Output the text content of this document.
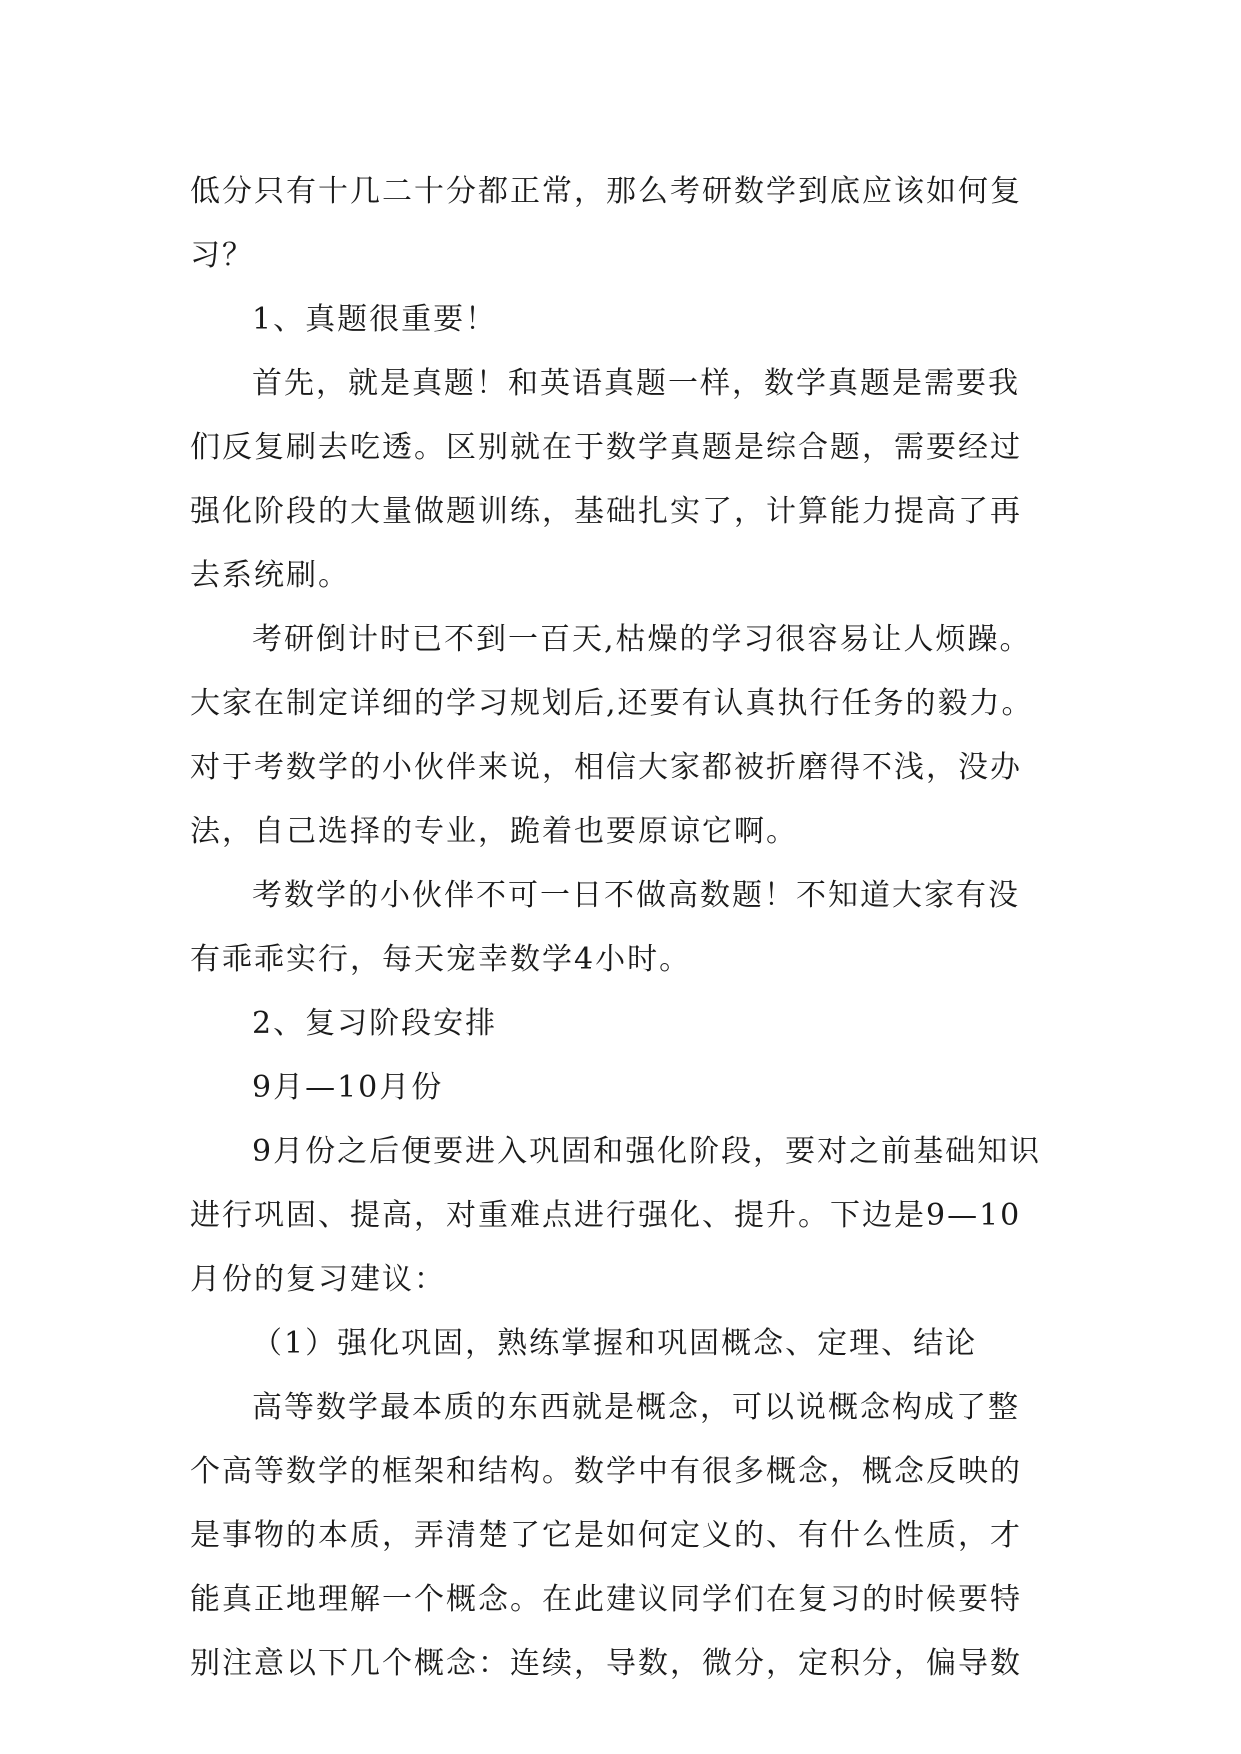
低分只有十几二十分都正常，那么考研数学到底应该如何复习？

1、真题很重要！

首先，就是真题！和英语真题一样，数学真题是需要我们反复刷去吃透。区别就在于数学真题是综合题，需要经过强化阶段的大量做题训练，基础扎实了，计算能力提高了再去系统刷。

考研倒计时已不到一百天,枯燥的学习很容易让人烦躁。大家在制定详细的学习规划后,还要有认真执行任务的毅力。对于考数学的小伙伴来说，相信大家都被折磨得不浅，没办法，自己选择的专业，跪着也要原谅它啊。

考数学的小伙伴不可一日不做高数题！不知道大家有没有乖乖实行，每天宠幸数学4小时。

2、复习阶段安排

9月—10月份

9月份之后便要进入巩固和强化阶段，要对之前基础知识进行巩固、提高，对重难点进行强化、提升。下边是9—10月份的复习建议：

（1）强化巩固，熟练掌握和巩固概念、定理、结论

高等数学最本质的东西就是概念，可以说概念构成了整个高等数学的框架和结构。数学中有很多概念，概念反映的是事物的本质，弄清楚了它是如何定义的、有什么性质，才能真正地理解一个概念。在此建议同学们在复习的时候要特别注意以下几个概念：连续，导数，微分，定积分，偏导数
